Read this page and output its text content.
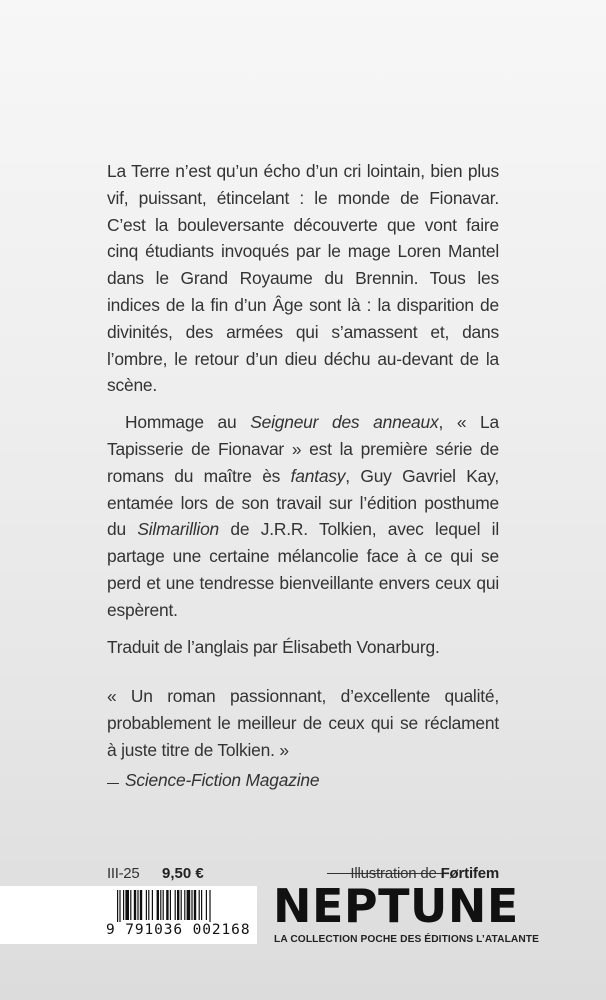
La Terre n’est qu’un écho d’un cri lointain, bien plus vif, puissant, étincelant : le monde de Fionavar. C’est la bouleversante découverte que vont faire cinq étudiants invoqués par le mage Loren Mantel dans le Grand Royaume du Brennin. Tous les indices de la fin d’un Âge sont là : la disparition de divinités, des armées qui s’amassent et, dans l’ombre, le retour d’un dieu déchu au-devant de la scène.

Hommage au Seigneur des anneaux, « La Tapisserie de Fionavar » est la première série de romans du maître ès fantasy, Guy Gavriel Kay, entamée lors de son travail sur l’édition posthume du Silmarillion de J.R.R. Tolkien, avec lequel il partage une certaine mélancolie face à ce qui se perd et une tendresse bienveillante envers ceux qui espèrent.

Traduit de l’anglais par Élisabeth Vonarburg.

« Un roman passionnant, d’excellente qualité, probablement le meilleur de ceux qui se réclament à juste titre de Tolkien. »

Science-Fiction Magazine

III-25 9,50 €	Illustration de Førtifem
9 791036 002168 NEPTUNE
LA COLLECTION POCHE DES ÉDITIONS L’ATALANTE
